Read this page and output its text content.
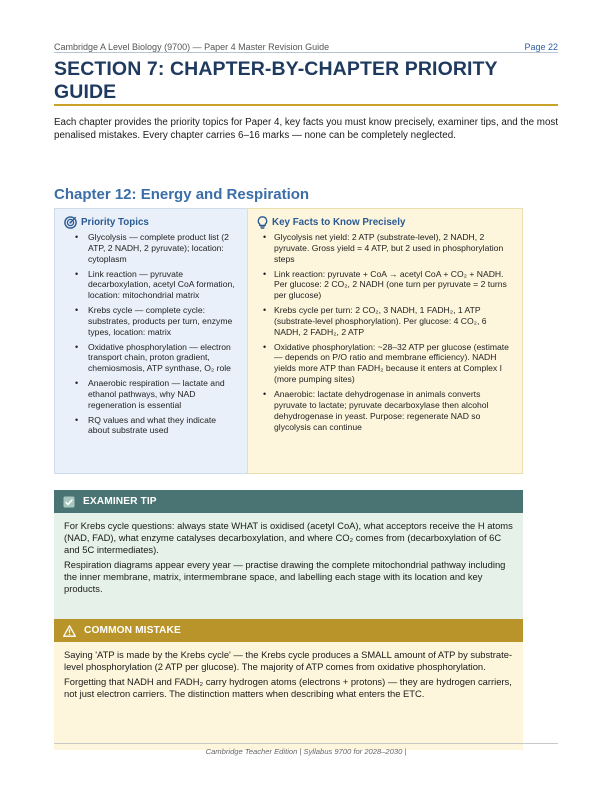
Cambridge A Level Biology (9700) — Paper 4 Master Revision Guide	Page 22
SECTION 7: CHAPTER-BY-CHAPTER PRIORITY GUIDE

Each chapter provides the priority topics for Paper 4, key facts you must know precisely, examiner tips, and the most penalised mistakes. Every chapter carries 6–16 marks — none can be completely neglected.

Chapter 12: Energy and Respiration
Priority Topics
• Glycolysis — complete product list (2 ATP, 2 NADH, 2 pyruvate); location: cytoplasm
• Link reaction — pyruvate decarboxylation, acetyl CoA formation, location: mitochondrial matrix
• Krebs cycle — complete cycle: substrates, products per turn, enzyme types, location: matrix
• Oxidative phosphorylation — electron transport chain, proton gradient, chemiosmosis, ATP synthase, O₂ role
• Anaerobic respiration — lactate and ethanol pathways, why NAD regeneration is essential
• RQ values and what they indicate about substrate used
Key Facts to Know Precisely
• Glycolysis net yield: 2 ATP (substrate-level), 2 NADH, 2 pyruvate. Gross yield = 4 ATP, but 2 used in phosphorylation steps
• Link reaction: pyruvate + CoA → acetyl CoA + CO₂ + NADH. Per glucose: 2 CO₂, 2 NADH (one turn per pyruvate = 2 turns per glucose)
• Krebs cycle per turn: 2 CO₂, 3 NADH, 1 FADH₂, 1 ATP (substrate-level phosphorylation). Per glucose: 4 CO₂, 6 NADH, 2 FADH₂, 2 ATP
• Oxidative phosphorylation: ~28–32 ATP per glucose (estimate — depends on P/O ratio and membrane efficiency). NADH yields more ATP than FADH₂ because it enters at Complex I (more pumping sites)
• Anaerobic: lactate dehydrogenase in animals converts pyruvate to lactate; pyruvate decarboxylase then alcohol dehydrogenase in yeast. Purpose: regenerate NAD so glycolysis can continue
EXAMINER TIP

For Krebs cycle questions: always state WHAT is oxidised (acetyl CoA), what acceptors receive the H atoms (NAD, FAD), what enzyme catalyses decarboxylation, and where CO₂ comes from (decarboxylation of 6C and 5C intermediates).

Respiration diagrams appear every year — practise drawing the complete mitochondrial pathway including the inner membrane, matrix, intermembrane space, and labelling each stage with its location and key products.

COMMON MISTAKE

Saying 'ATP is made by the Krebs cycle' — the Krebs cycle produces a SMALL amount of ATP by substrate-level phosphorylation (2 ATP per glucose). The majority of ATP comes from oxidative phosphorylation.

Forgetting that NADH and FADH₂ carry hydrogen atoms (electrons + protons) — they are hydrogen carriers, not just electron carriers. The distinction matters when describing what enters the ETC.

Cambridge Teacher Edition | Syllabus 9700 for 2028–2030 |
